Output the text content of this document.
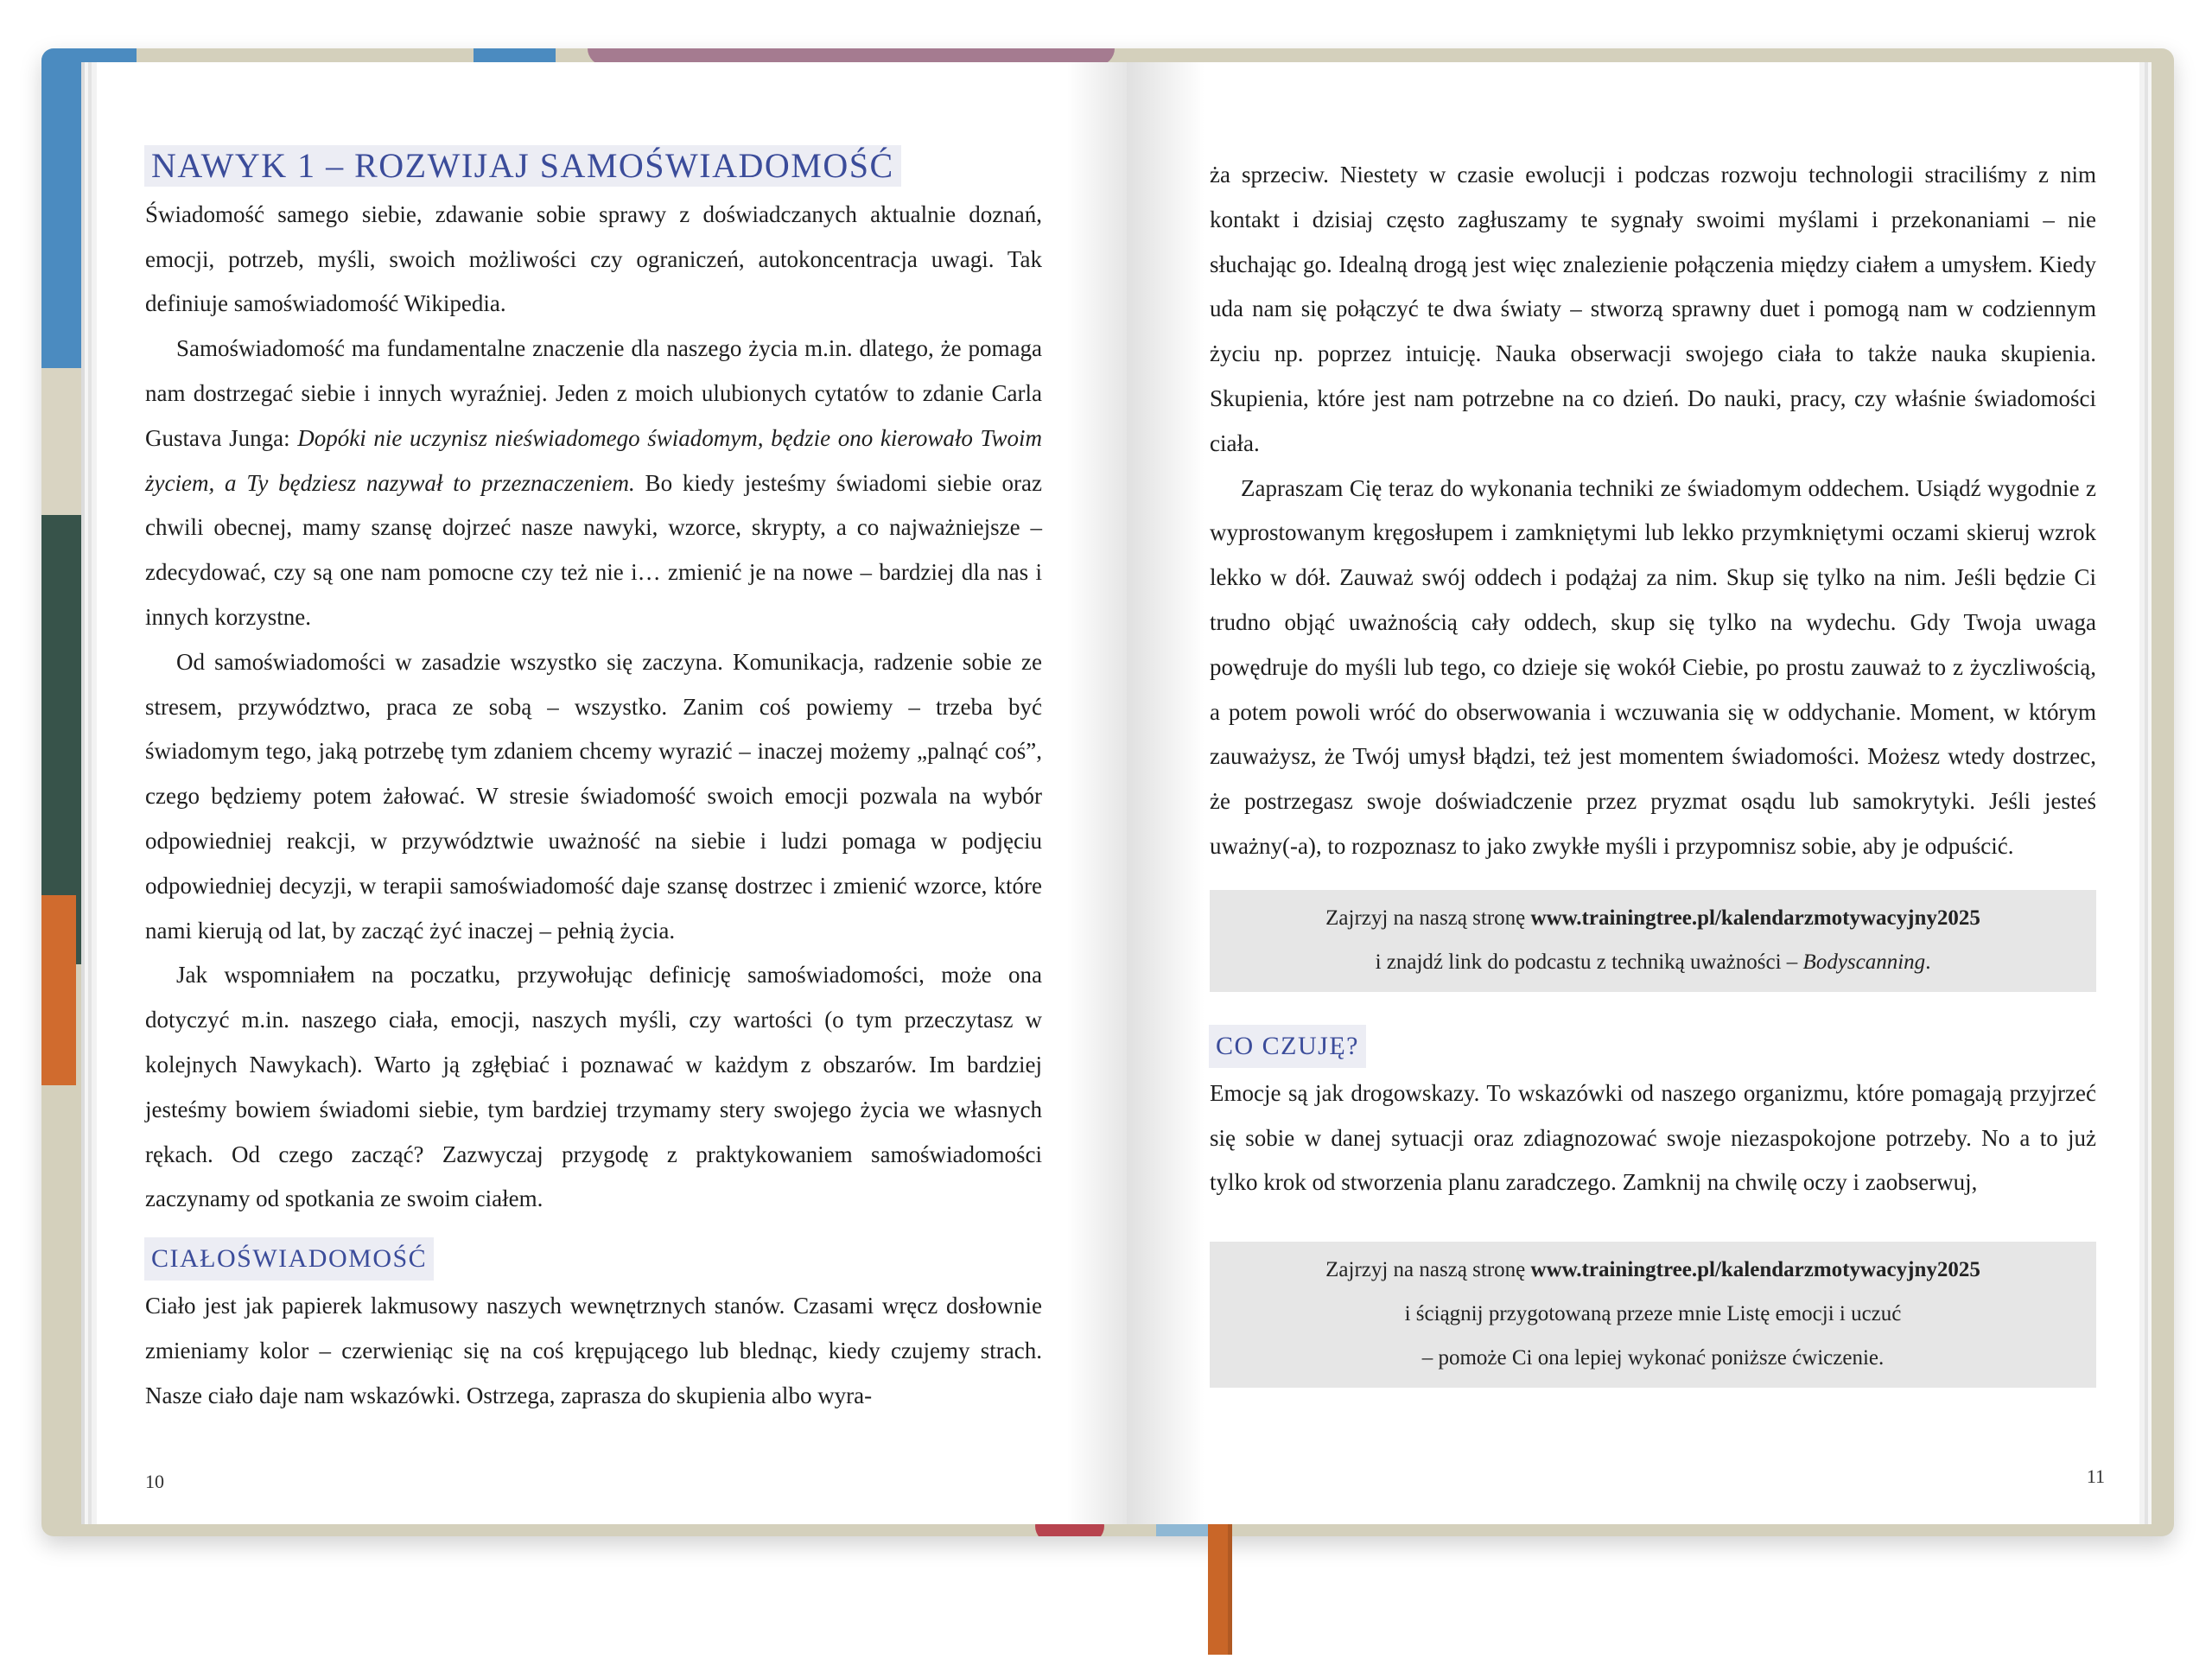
NAWYK 1 – ROZWIJAJ SAMOŚWIADOMOŚĆ

Świadomość samego siebie, zdawanie sobie sprawy z doświadczanych aktualnie doznań, emocji, potrzeb, myśli, swoich możliwości czy ograniczeń, autokoncentracja uwagi. Tak definiuje samoświadomość Wikipedia.

Samoświadomość ma fundamentalne znaczenie dla naszego życia m.in. dlatego, że pomaga nam dostrzegać siebie i innych wyraźniej. Jeden z moich ulubionych cytatów to zdanie Carla Gustava Junga: Dopóki nie uczynisz nieświadomego świadomym, będzie ono kierowało Twoim życiem, a Ty będziesz nazywał to przeznaczeniem. Bo kiedy jesteśmy świadomi siebie oraz chwili obecnej, mamy szansę dojrzeć nasze nawyki, wzorce, skrypty, a co najważniejsze – zdecydować, czy są one nam pomocne czy też nie i… zmienić je na nowe – bardziej dla nas i innych korzystne.

Od samoświadomości w zasadzie wszystko się zaczyna. Komunikacja, radzenie sobie ze stresem, przywództwo, praca ze sobą – wszystko. Zanim coś powiemy – trzeba być świadomym tego, jaką potrzebę tym zdaniem chcemy wyrazić – inaczej możemy „palnąć coś”, czego będziemy potem żałować. W stresie świadomość swoich emocji pozwala na wybór odpowiedniej reakcji, w przywództwie uważność na siebie i ludzi pomaga w podjęciu odpowiedniej decyzji, w terapii samoświadomość daje szansę dostrzec i zmienić wzorce, które nami kierują od lat, by zacząć żyć inaczej – pełnią życia.

Jak wspomniałem na poczatku, przywołując definicję samoświadomości, może ona dotyczyć m.in. naszego ciała, emocji, naszych myśli, czy wartości (o tym przeczytasz w kolejnych Nawykach). Warto ją zgłębiać i poznawać w każdym z obszarów. Im bardziej jesteśmy bowiem świadomi siebie, tym bardziej trzymamy stery swojego życia we własnych rękach. Od czego zacząć? Zazwyczaj przygodę z praktykowaniem samoświadomości zaczynamy od spotkania ze swoim ciałem.

CIAŁOŚWIADOMOŚĆ

Ciało jest jak papierek lakmusowy naszych wewnętrznych stanów. Czasami wręcz dosłownie zmieniamy kolor – czerwieniąc się na coś krępującego lub blednąc, kiedy czujemy strach. Nasze ciało daje nam wskazówki. Ostrzega, zaprasza do skupienia albo wyra-

10

ża sprzeciw. Niestety w czasie ewolucji i podczas rozwoju technologii straciliśmy z nim kontakt i dzisiaj często zagłuszamy te sygnały swoimi myślami i przekonaniami – nie słuchając go. Idealną drogą jest więc znalezienie połączenia między ciałem a umysłem. Kiedy uda nam się połączyć te dwa światy – stworzą sprawny duet i pomogą nam w codziennym życiu np. poprzez intuicję. Nauka obserwacji swojego ciała to także nauka skupienia. Skupienia, które jest nam potrzebne na co dzień. Do nauki, pracy, czy właśnie świadomości ciała.

Zapraszam Cię teraz do wykonania techniki ze świadomym oddechem. Usiądź wygodnie z wyprostowanym kręgosłupem i zamkniętymi lub lekko przymkniętymi oczami skieruj wzrok lekko w dół. Zauważ swój oddech i podążaj za nim. Skup się tylko na nim. Jeśli będzie Ci trudno objąć uważnością cały oddech, skup się tylko na wydechu. Gdy Twoja uwaga powędruje do myśli lub tego, co dzieje się wokół Ciebie, po prostu zauważ to z życzliwością, a potem powoli wróć do obserwowania i wczuwania się w oddychanie. Moment, w którym zauważysz, że Twój umysł błądzi, też jest momentem świadomości. Możesz wtedy dostrzec, że postrzegasz swoje doświadczenie przez pryzmat osądu lub samokrytyki. Jeśli jesteś uważny(-a), to rozpoznasz to jako zwykłe myśli i przypomnisz sobie, aby je odpuścić.

Zajrzyj na naszą stronę www.trainingtree.pl/kalendarzmotywacyjny2025
i znajdź link do podcastu z techniką uważności – Bodyscanning.
CO CZUJĘ?

Emocje są jak drogowskazy. To wskazówki od naszego organizmu, które pomagają przyjrzeć się sobie w danej sytuacji oraz zdiagnozować swoje niezaspokojone potrzeby. No a to już tylko krok od stworzenia planu zaradczego. Zamknij na chwilę oczy i zaobserwuj,

Zajrzyj na naszą stronę www.trainingtree.pl/kalendarzmotywacyjny2025
i ściągnij przygotowaną przeze mnie Listę emocji i uczuć
– pomoże Ci ona lepiej wykonać poniższe ćwiczenie.
11
